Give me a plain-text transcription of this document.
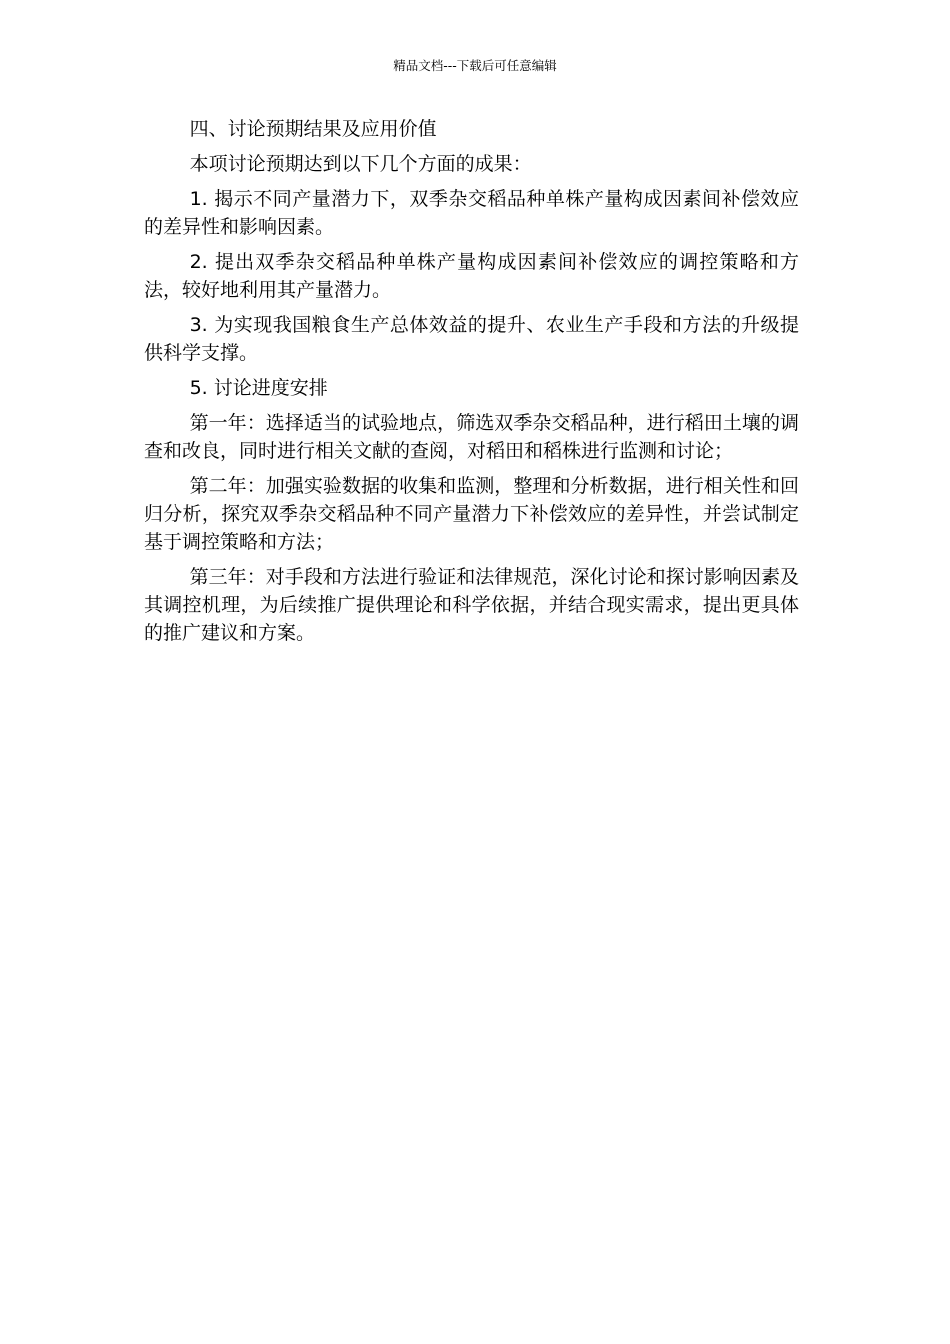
精品文档---下载后可任意编辑

四、讨论预期结果及应用价值

本项讨论预期达到以下几个方面的成果：

1. 揭示不同产量潜力下，双季杂交稻品种单株产量构成因素间补偿效应的差异性和影响因素。

2. 提出双季杂交稻品种单株产量构成因素间补偿效应的调控策略和方法，较好地利用其产量潜力。

3. 为实现我国粮食生产总体效益的提升、农业生产手段和方法的升级提供科学支撑。

5. 讨论进度安排

第一年：选择适当的试验地点，筛选双季杂交稻品种，进行稻田土壤的调查和改良，同时进行相关文献的查阅，对稻田和稻株进行监测和讨论；

第二年：加强实验数据的收集和监测，整理和分析数据，进行相关性和回归分析，探究双季杂交稻品种不同产量潜力下补偿效应的差异性，并尝试制定基于调控策略和方法；

第三年：对手段和方法进行验证和法律规范，深化讨论和探讨影响因素及其调控机理，为后续推广提供理论和科学依据，并结合现实需求，提出更具体的推广建议和方案。
